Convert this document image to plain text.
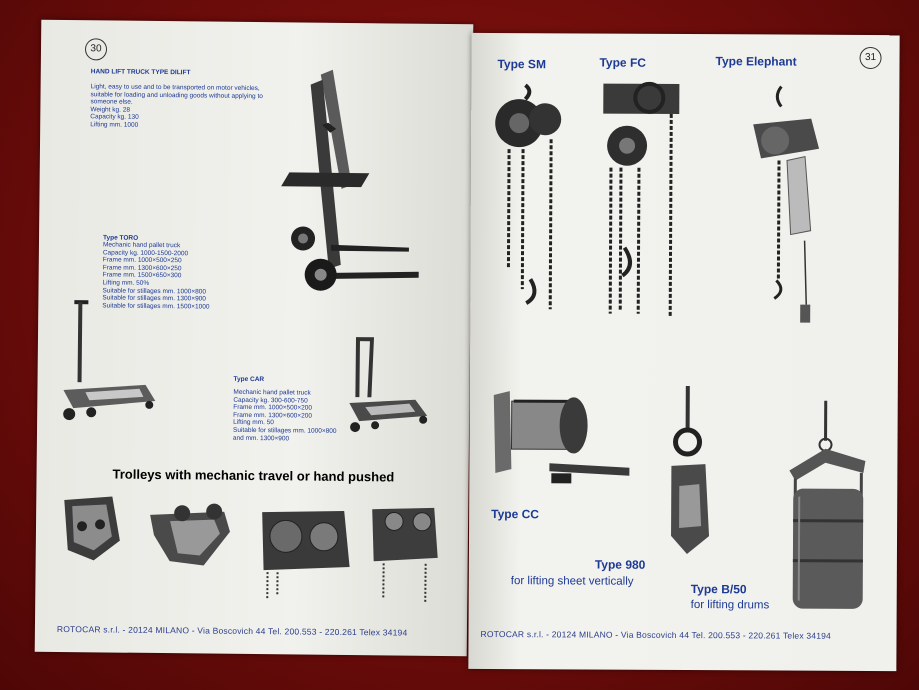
30
HAND LIFT TRUCK TYPE DILIFT

Light, easy to use and to be transported on motor vehicles,

suitable for loading and unloading goods without applying to

someone else.

Weight kg. 28

Capacity kg. 130

Lifting mm. 1000

Type TORO

Mechanic hand pallet truck

Capacity kg. 1000-1500-2000

Frame mm. 1000×500×250

Frame mm. 1300×600×250

Frame mm. 1500×650×300

Lifting mm. 50%

Suitable for stillages mm. 1000×800

Suitable for stillages mm. 1300×900

Suitable for stillages mm. 1500×1000

Type CAR

Mechanic hand pallet truck

Capacity kg. 300-600-750

Frame mm. 1000×500×200

Frame mm. 1300×600×200

Lifting mm. 50

Suitable for stillages mm. 1000×800

and mm. 1300×900

Trolleys with mechanic travel or hand pushed
ROTOCAR s.r.l. - 20124 MILANO - Via Boscovich 44 Tel. 200.553 - 220.261 Telex 34194
31
Type SM	Type FC	Type Elephant
Type CC
Type 980
for lifting sheet vertically
Type B/50
for lifting drums
ROTOCAR s.r.l. - 20124 MILANO - Via Boscovich 44 Tel. 200.553 - 220.261 Telex 34194
